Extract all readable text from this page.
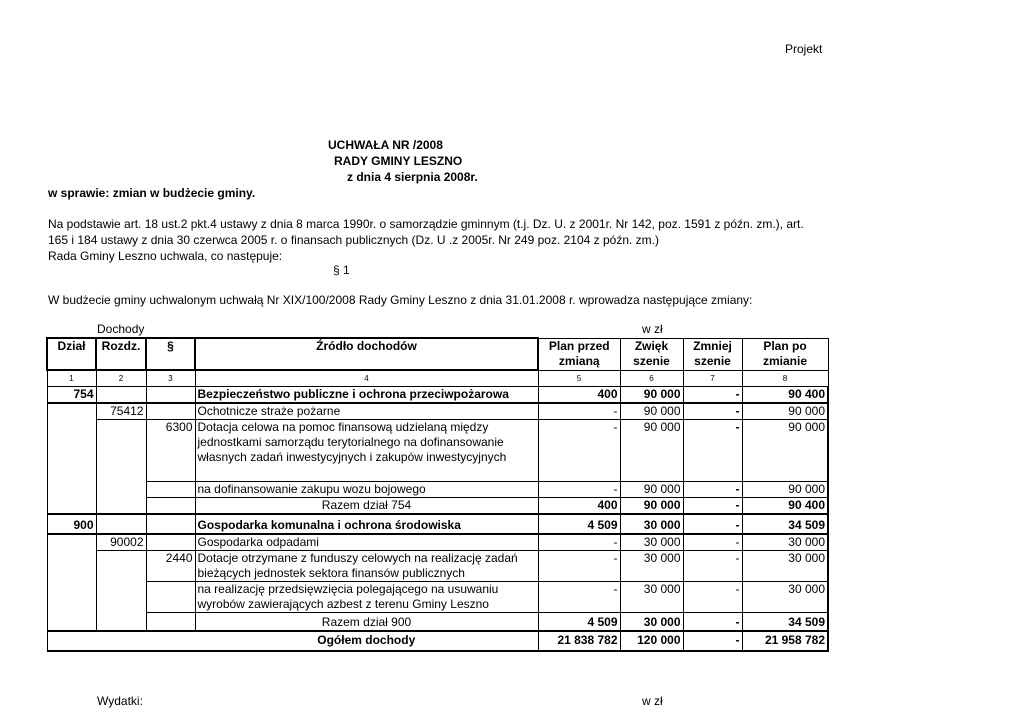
Projekt
UCHWAŁA NR /2008
RADY GMINY LESZNO
z dnia 4 sierpnia 2008r.
w sprawie: zmian w budżecie gminy.
Na podstawie art. 18 ust.2 pkt.4 ustawy z dnia 8 marca 1990r. o samorządzie gminnym (t.j. Dz. U. z 2001r. Nr 142, poz. 1591 z późn. zm.), art.
165 i 184 ustawy z dnia 30 czerwca 2005 r. o finansach publicznych (Dz. U .z 2005r. Nr 249 poz. 2104 z późn. zm.)
Rada Gminy Leszno uchwala, co następuje:
§ 1
W budżecie gminy uchwalonym uchwałą Nr XIX/100/2008 Rady Gminy Leszno z dnia 31.01.2008 r. wprowadza następujące zmiany:
Dochody	w zł
Dział	Rozdz.	§	Źródło dochodów	Plan przed zmianą	Zwięk szenie	Zmniej szenie	Plan po zmianie
1	2	3	4	5	6	7	8
754			Bezpieczeństwo publiczne i ochrona przeciwpożarowa	400	90 000	-	90 400
	75412		Ochotnicze straże pożarne	-	90 000	-	90 000
		6300	Dotacja celowa na pomoc finansową udzielaną między
jednostkami samorządu terytorialnego na dofinansowanie
własnych zadań inwestycyjnych i zakupów inwestycyjnych	-	90 000	-	90 000
			na dofinansowanie zakupu wozu bojowego	-	90 000	-	90 000
			Razem dział 754	400	90 000	-	90 400
900			Gospodarka komunalna i ochrona środowiska	4 509	30 000	-	34 509
	90002		Gospodarka odpadami	-	30 000	-	30 000
		2440	Dotacje otrzymane z funduszy celowych na realizację zadań
bieżących jednostek sektora finansów publicznych	-	30 000	-	30 000

			na realizację przedsięwzięcia polegającego na usuwaniu
wyrobów zawierających azbest z terenu Gminy Leszno	-	30 000	-	30 000
			Razem dział 900	4 509	30 000	-	34 509
			Ogółem dochody	21 838 782	120 000	-	21 958 782
Wydatki:	w zł
